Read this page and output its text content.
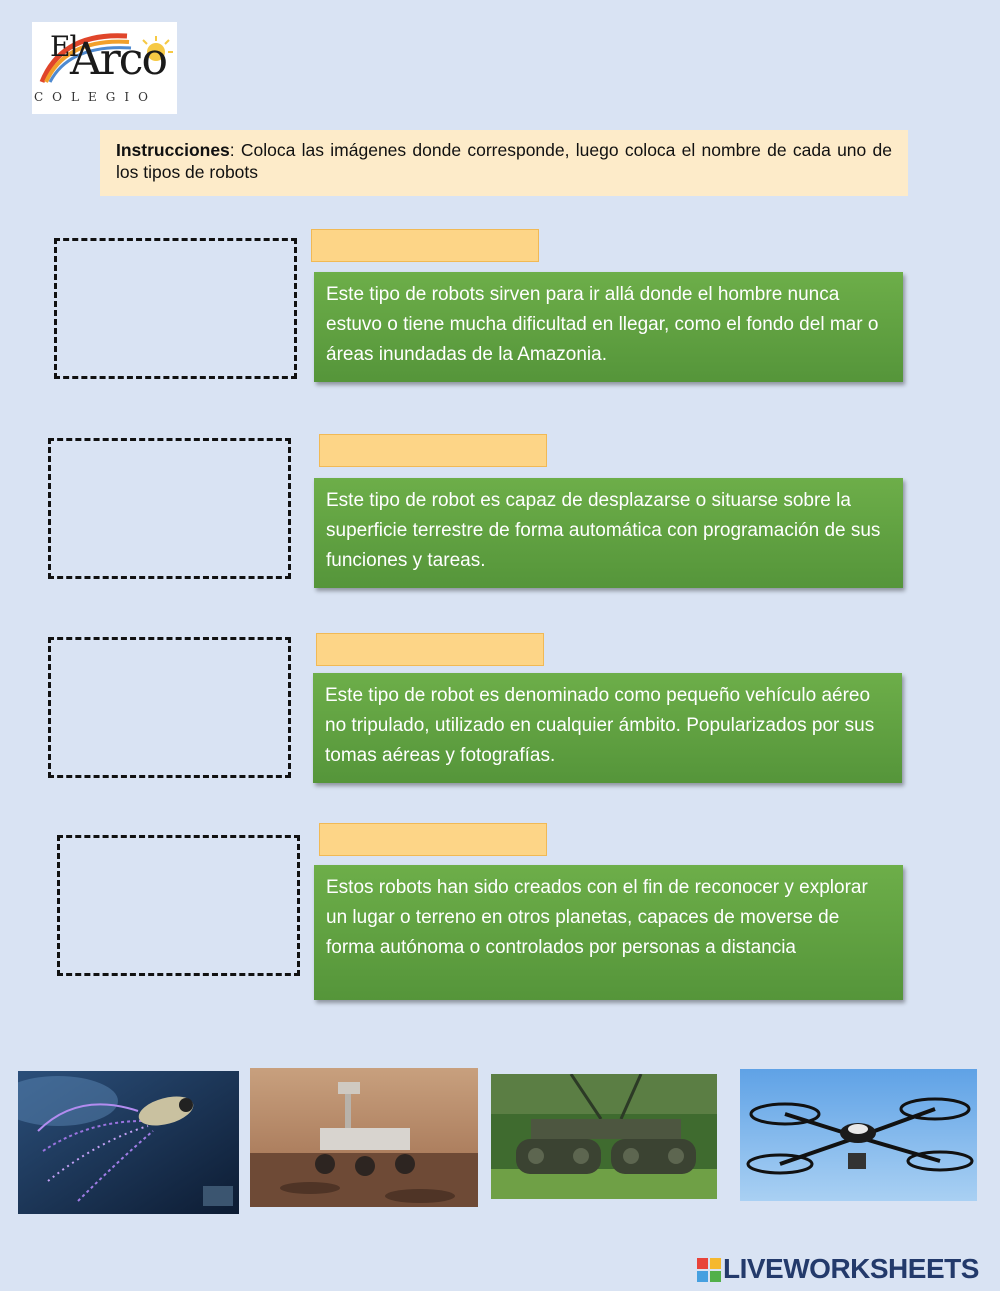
El
Arco
COLEGIO
Instrucciones: Coloca las imágenes donde corresponde, luego coloca el nombre de cada uno de los tipos de robots
Este tipo de robots sirven para ir allá donde el hombre nunca estuvo o tiene mucha dificultad en llegar, como el fondo del mar o áreas inundadas de la Amazonia.
Este tipo de robot es capaz de desplazarse o situarse sobre la superficie terrestre de forma automática con programación de sus funciones y tareas.
Este tipo de robot es denominado como pequeño vehículo aéreo no tripulado, utilizado en cualquier ámbito. Popularizados por sus tomas aéreas y fotografías.
Estos robots han sido creados con el fin de reconocer y explorar un lugar o terreno en otros planetas, capaces de moverse de forma autónoma o controlados por personas a distancia
LIVEWORKSHEETS
